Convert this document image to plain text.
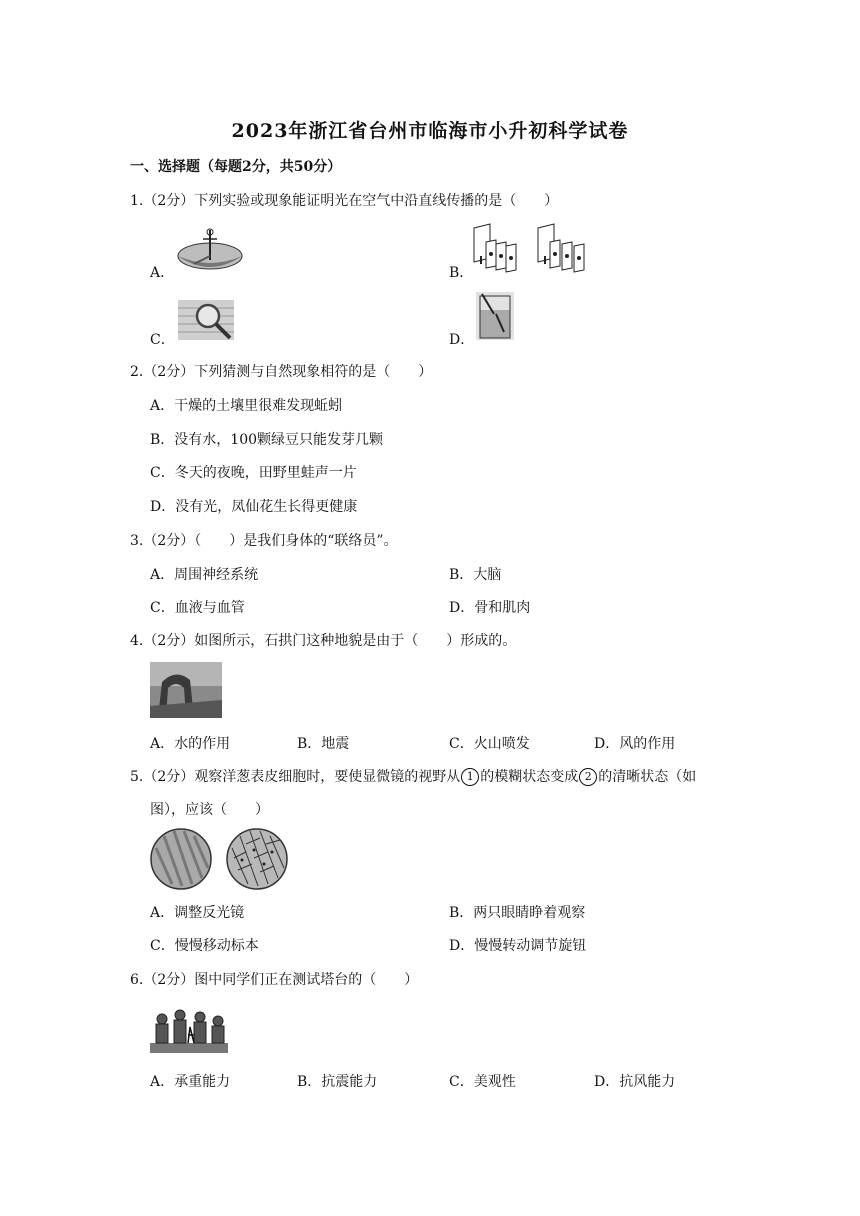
2023年浙江省台州市临海市小升初科学试卷
一、选择题（每题2分，共50分）
1.（2分）下列实验或现象能证明光在空气中沿直线传播的是（　　）
A．	B．
C．	D．
2.（2分）下列猜测与自然现象相符的是（　　）
A．干燥的土壤里很难发现蚯蚓
B．没有水，100颗绿豆只能发芽几颗
C．冬天的夜晚，田野里蛙声一片
D．没有光，凤仙花生长得更健康
3.（2分）（　　）是我们身体的“联络员”。
A．周围神经系统	B．大脑
C．血液与血管	D．骨和肌肉
4.（2分）如图所示，石拱门这种地貌是由于（　　）形成的。
A．水的作用	B．地震	C．火山喷发	D．风的作用
5.（2分）观察洋葱表皮细胞时，要使显微镜的视野从 1 的模糊状态变成 2 的清晰状态（如
图），应该（　　）
A．调整反光镜	B．两只眼睛睁着观察
C．慢慢移动标本	D．慢慢转动调节旋钮
6.（2分）图中同学们正在测试塔台的（　　）
A．承重能力	B．抗震能力	C．美观性	D．抗风能力
